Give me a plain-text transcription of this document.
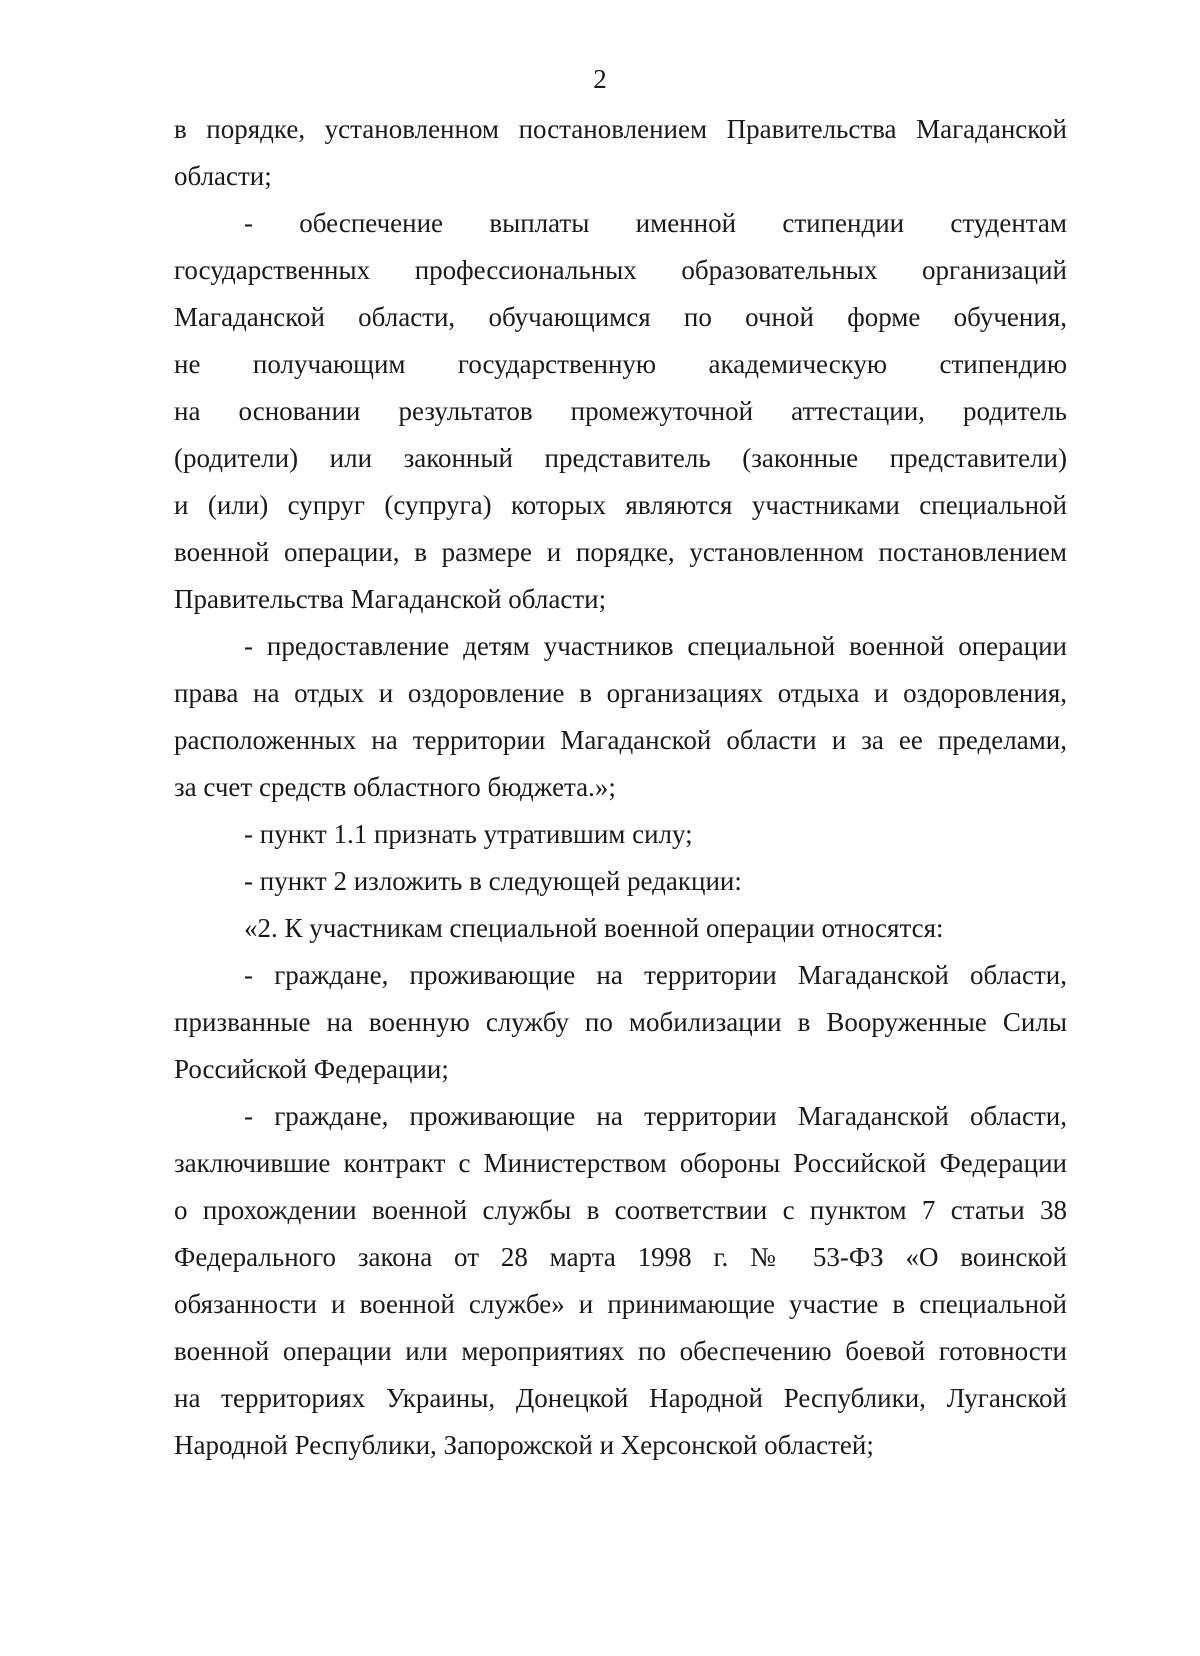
2
в порядке, установленном постановлением Правительства Магаданской
области;
- обеспечение выплаты именной стипендии студентам
государственных профессиональных образовательных организаций
Магаданской области, обучающимся по очной форме обучения,
не получающим государственную академическую стипендию
на основании результатов промежуточной аттестации, родитель
(родители) или законный представитель (законные представители)
и (или) супруг (супруга) которых являются участниками специальной
военной операции, в размере и порядке, установленном постановлением
Правительства Магаданской области;
- предоставление детям участников специальной военной операции
права на отдых и оздоровление в организациях отдыха и оздоровления,
расположенных на территории Магаданской области и за ее пределами,
за счет средств областного бюджета.»;
- пункт 1.1 признать утратившим силу;
- пункт 2 изложить в следующей редакции:
«2. К участникам специальной военной операции относятся:
- граждане, проживающие на территории Магаданской области,
призванные на военную службу по мобилизации в Вооруженные Силы
Российской Федерации;
- граждане, проживающие на территории Магаданской области,
заключившие контракт с Министерством обороны Российской Федерации
о прохождении военной службы в соответствии с пунктом 7 статьи 38
Федерального закона от 28 марта 1998 г. № 53-ФЗ «О воинской
обязанности и военной службе» и принимающие участие в специальной
военной операции или мероприятиях по обеспечению боевой готовности
на территориях Украины, Донецкой Народной Республики, Луганской
Народной Республики, Запорожской и Херсонской областей;
